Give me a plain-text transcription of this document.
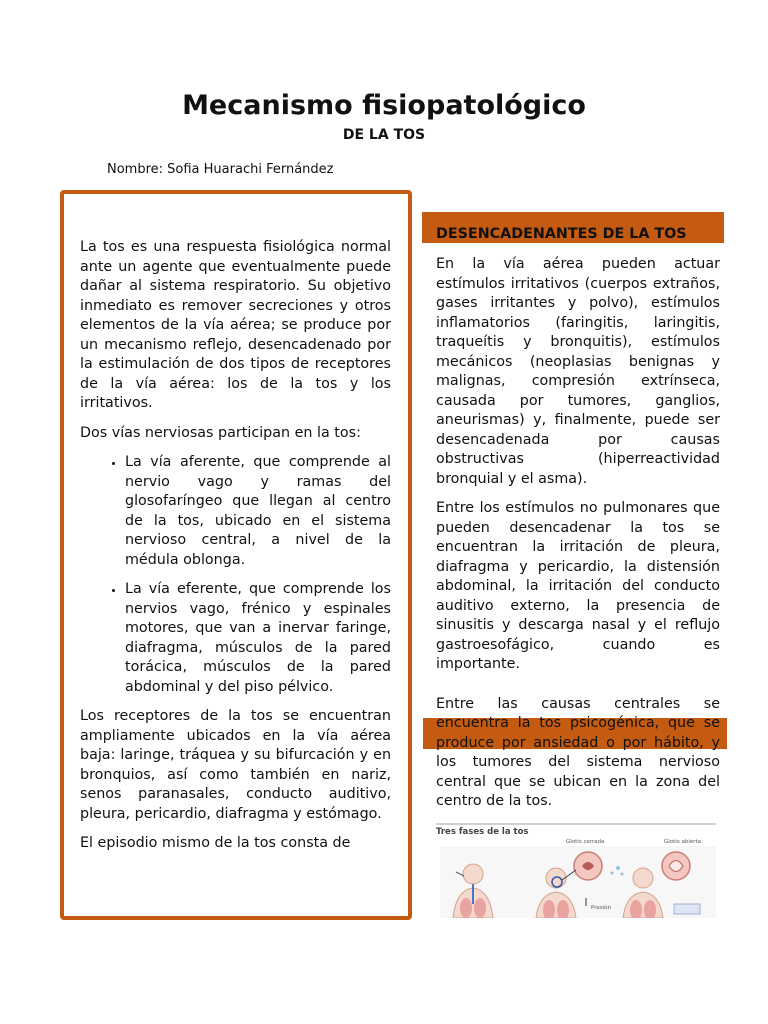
Mecanismo fisiopatológico
DE LA TOS
Nombre: Sofia Huarachi Fernández

La tos es una respuesta fisiológica normal ante un agente que eventualmente puede dañar al sistema respiratorio. Su objetivo inmediato es remover secreciones y otros elementos de la vía aérea; se produce por un mecanismo reflejo, desencadenado por la estimulación de dos tipos de receptores de la vía aérea: los de la tos y los irritativos.

Dos vías nerviosas participan en la tos:

• La vía aferente, que comprende al nervio vago y ramas del glosofaríngeo que llegan al centro de la tos, ubicado en el sistema nervioso central, a nivel de la médula oblonga.
• La vía eferente, que comprende los nervios vago, frénico y espinales motores, que van a inervar faringe, diafragma, músculos de la pared torácica, músculos de la pared abdominal y del piso pélvico.

Los receptores de la tos se encuentran ampliamente ubicados en la vía aérea baja: laringe, tráquea y su bifurcación y en bronquios, así como también en nariz, senos paranasales, conducto auditivo, pleura, pericardio, diafragma y estómago.

El episodio mismo de la tos consta de

DESENCADENANTES DE LA TOS

En la vía aérea pueden actuar estímulos irritativos (cuerpos extraños, gases irritantes y polvo), estímulos inflamatorios (faringitis, laringitis, traqueítis y bronquitis), estímulos mecánicos (neoplasias benignas y malignas, compresión extrínseca, causada por tumores, ganglios, aneurismas) y, finalmente, puede ser desencadenada por causas obstructivas (hiperreactividad bronquial y el asma).

Entre los estímulos no pulmonares que pueden desencadenar la tos se encuentran la irritación de pleura, diafragma y pericardio, la distensión abdominal, la irritación del conducto auditivo externo, la presencia de sinusitis y descarga nasal y el reflujo gastroesofágico, cuando es importante.

Entre las causas centrales se encuentra la tos psicogénica, que se produce por ansiedad o por hábito, y los tumores del sistema nervioso central que se ubican en la zona del centro de la tos.

Tres fases de la tos
Glotis cerrada
Presión
Glotis abierta
